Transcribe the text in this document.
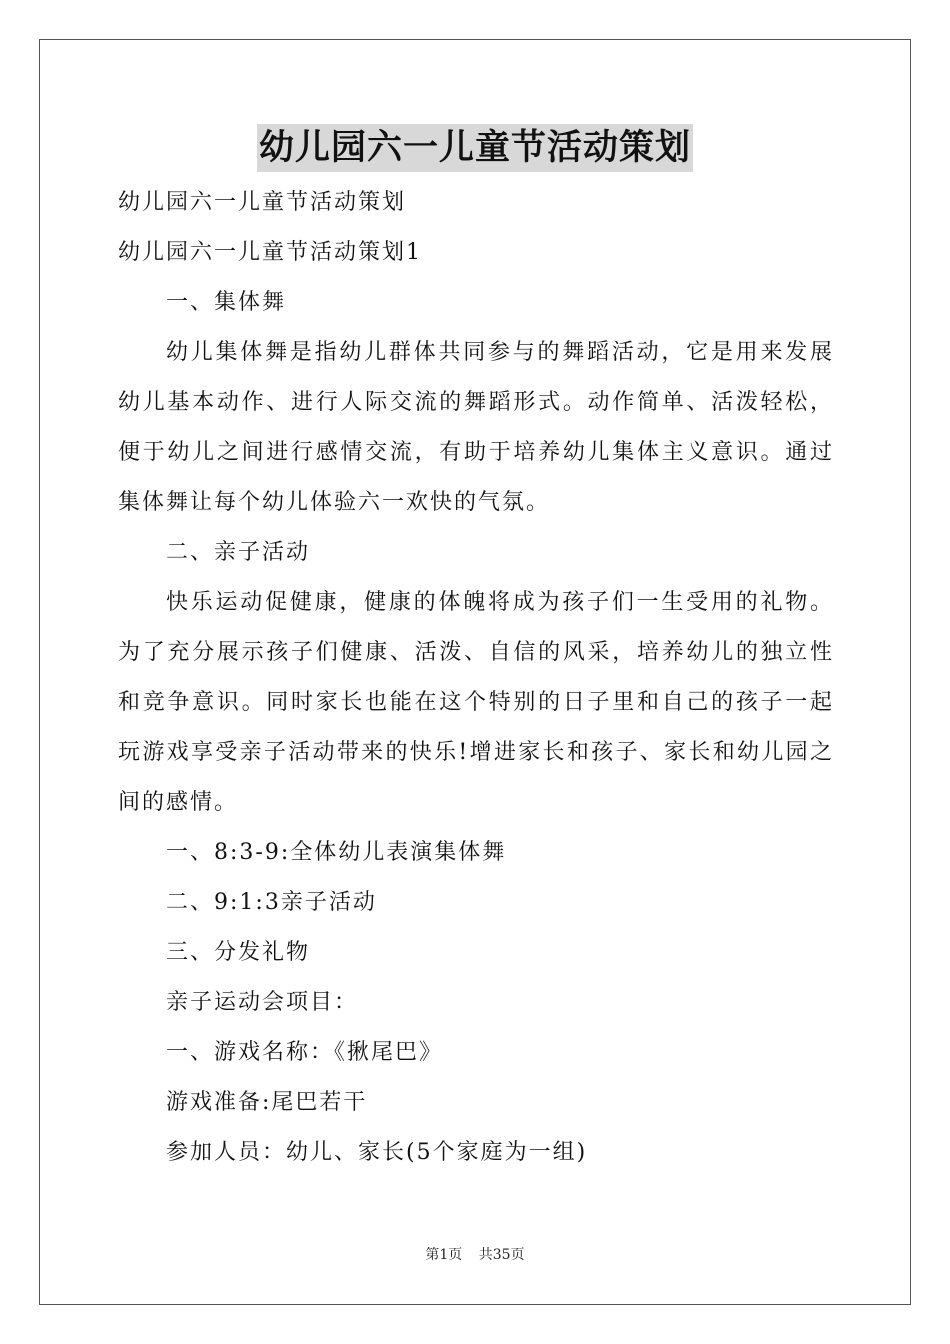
幼儿园六一儿童节活动策划

幼儿园六一儿童节活动策划

幼儿园六一儿童节活动策划1

一、集体舞

幼儿集体舞是指幼儿群体共同参与的舞蹈活动，它是用来发展幼儿基本动作、进行人际交流的舞蹈形式。动作简单、活泼轻松，便于幼儿之间进行感情交流，有助于培养幼儿集体主义意识。通过集体舞让每个幼儿体验六一欢快的气氛。

二、亲子活动

快乐运动促健康，健康的体魄将成为孩子们一生受用的礼物。为了充分展示孩子们健康、活泼、自信的风采，培养幼儿的独立性和竞争意识。同时家长也能在这个特别的日子里和自己的孩子一起玩游戏享受亲子活动带来的快乐!增进家长和孩子、家长和幼儿园之间的感情。

一、8:3-9:全体幼儿表演集体舞

二、9:1:3亲子活动

三、分发礼物

亲子运动会项目：

一、游戏名称：《揪尾巴》

游戏准备:尾巴若干

参加人员：幼儿、家长(5个家庭为一组)

第1页 共35页
